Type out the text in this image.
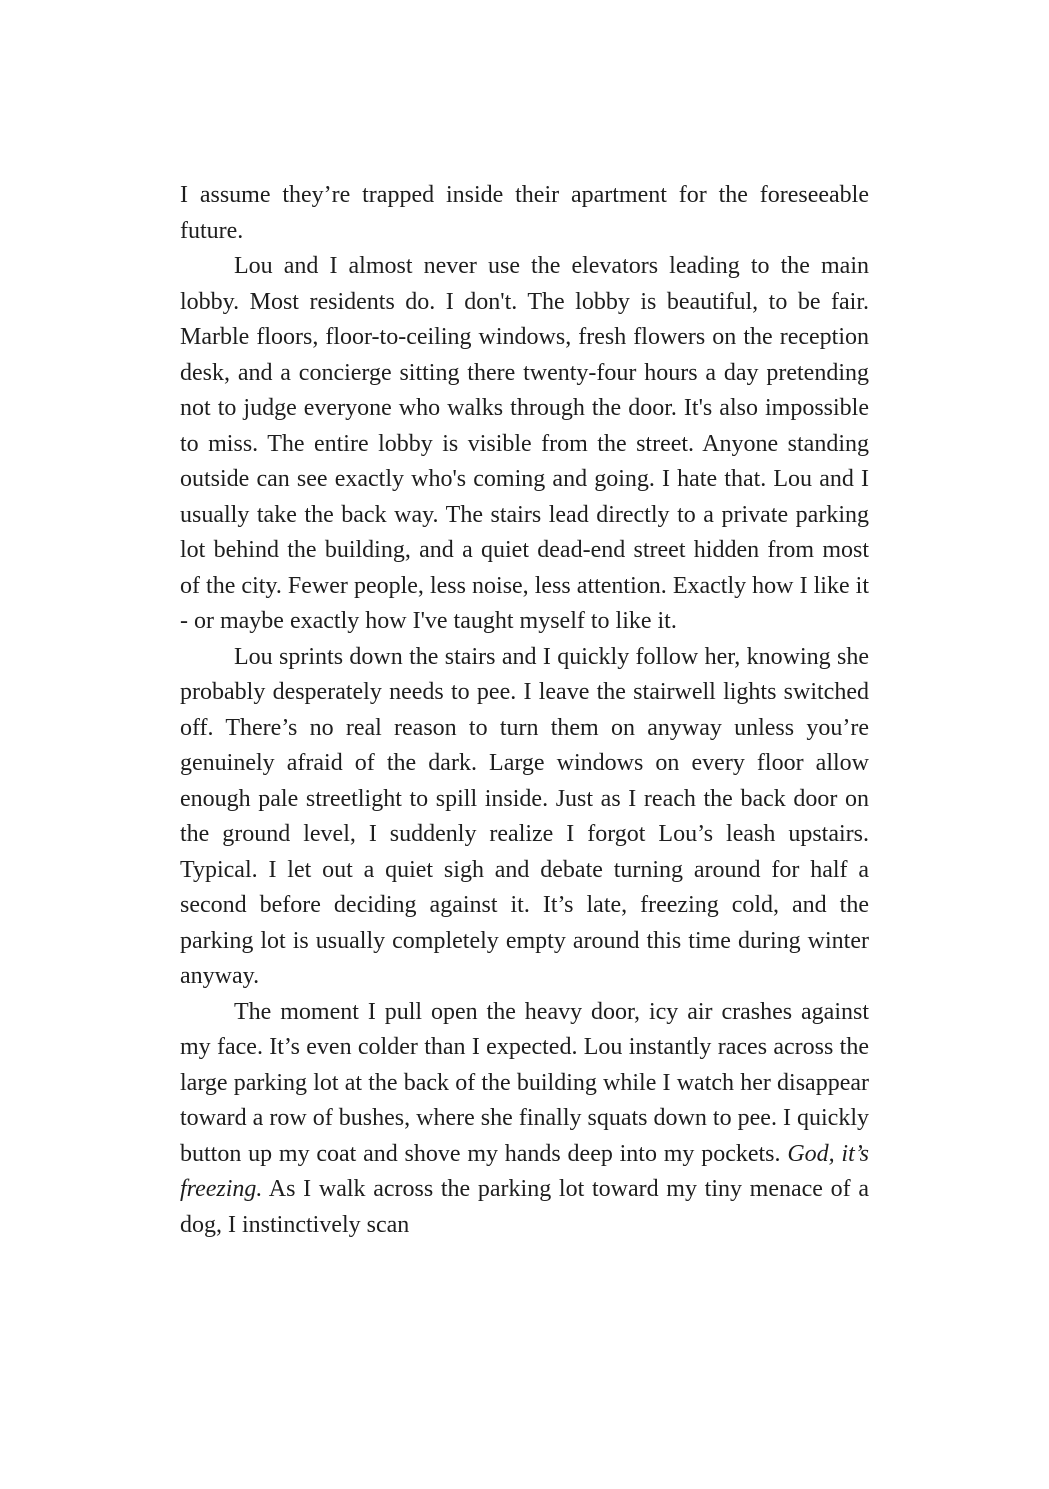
I assume they’re trapped inside their apartment for the foreseeable future.

Lou and I almost never use the elevators leading to the main lobby. Most residents do. I don't. The lobby is beautiful, to be fair. Marble floors, floor-to-ceiling windows, fresh flowers on the reception desk, and a concierge sitting there twenty-four hours a day pretending not to judge everyone who walks through the door. It's also impossible to miss. The entire lobby is visible from the street. Anyone standing outside can see exactly who's coming and going. I hate that. Lou and I usually take the back way. The stairs lead directly to a private parking lot behind the building, and a quiet dead-end street hidden from most of the city. Fewer people, less noise, less attention. Exactly how I like it - or maybe exactly how I've taught myself to like it.

Lou sprints down the stairs and I quickly follow her, knowing she probably desperately needs to pee. I leave the stairwell lights switched off. There’s no real reason to turn them on anyway unless you’re genuinely afraid of the dark. Large windows on every floor allow enough pale streetlight to spill inside. Just as I reach the back door on the ground level, I suddenly realize I forgot Lou’s leash upstairs. Typical. I let out a quiet sigh and debate turning around for half a second before deciding against it. It’s late, freezing cold, and the parking lot is usually completely empty around this time during winter anyway.

The moment I pull open the heavy door, icy air crashes against my face. It’s even colder than I expected. Lou instantly races across the large parking lot at the back of the building while I watch her disappear toward a row of bushes, where she finally squats down to pee. I quickly button up my coat and shove my hands deep into my pockets. God, it’s freezing. As I walk across the parking lot toward my tiny menace of a dog, I instinctively scan
